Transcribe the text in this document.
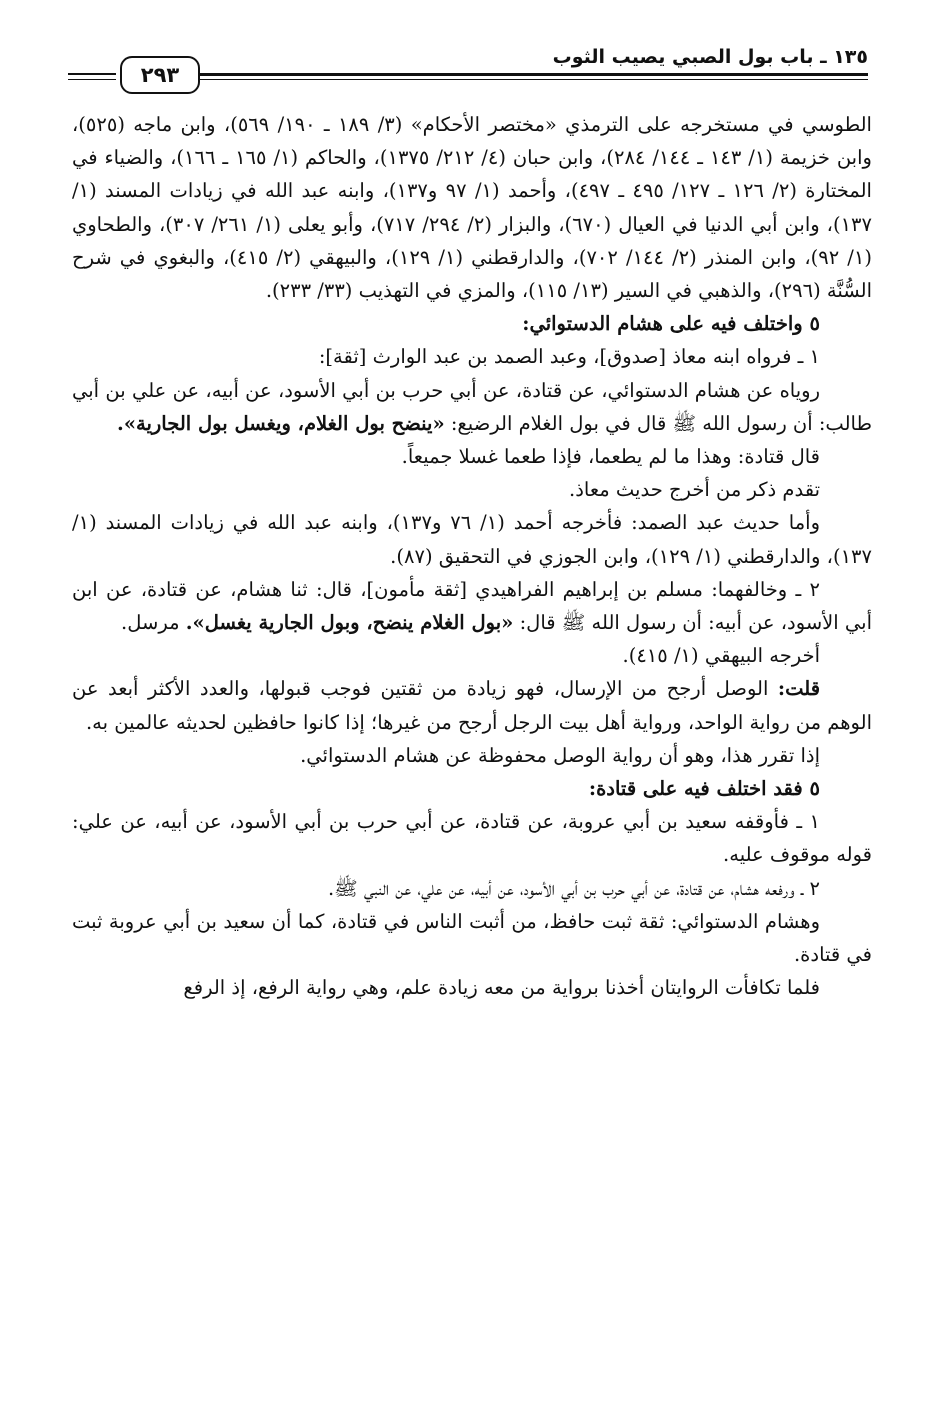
١٣٥ ـ باب بول الصبي يصيب الثوب
٢٩٣

الطوسي في مستخرجه على الترمذي «مختصر الأحكام» (٣/ ١٨٩ ـ ١٩٠/ ٥٦٩)، وابن ماجه (٥٢٥)، وابن خزيمة (١/ ١٤٣ ـ ١٤٤/ ٢٨٤)، وابن حبان (٤/ ٢١٢/ ١٣٧٥)، والحاكم (١/ ١٦٥ ـ ١٦٦)، والضياء في المختارة (٢/ ١٢٦ ـ ١٢٧/ ٤٩٥ ـ ٤٩٧)، وأحمد (١/ ٩٧ و١٣٧)، وابنه عبد الله في زيادات المسند (١/ ١٣٧)، وابن أبي الدنيا في العيال (٦٧٠)، والبزار (٢/ ٢٩٤/ ٧١٧)، وأبو يعلى (١/ ٢٦١/ ٣٠٧)، والطحاوي (١/ ٩٢)، وابن المنذر (٢/ ١٤٤/ ٧٠٢)، والدارقطني (١/ ١٢٩)، والبيهقي (٢/ ٤١٥)، والبغوي في شرح السُّنَّة (٢٩٦)، والذهبي في السير (١٣/ ١١٥)، والمزي في التهذيب (٣٣/ ٢٣٣).

٥ واختلف فيه على هشام الدستوائي:

١ ـ فرواه ابنه معاذ [صدوق]، وعبد الصمد بن عبد الوارث [ثقة]:

روياه عن هشام الدستوائي، عن قتادة، عن أبي حرب بن أبي الأسود، عن أبيه، عن علي بن أبي طالب: أن رسول الله ﷺ قال في بول الغلام الرضيع: «ينضح بول الغلام، ويغسل بول الجارية».

قال قتادة: وهذا ما لم يطعما، فإذا طعما غسلا جميعاً.

تقدم ذكر من أخرج حديث معاذ.

وأما حديث عبد الصمد: فأخرجه أحمد (١/ ٧٦ و١٣٧)، وابنه عبد الله في زيادات المسند (١/ ١٣٧)، والدارقطني (١/ ١٢٩)، وابن الجوزي في التحقيق (٨٧).

٢ ـ وخالفهما: مسلم بن إبراهيم الفراهيدي [ثقة مأمون]، قال: ثنا هشام، عن قتادة، عن ابن أبي الأسود، عن أبيه: أن رسول الله ﷺ قال: «بول الغلام ينضح، وبول الجارية يغسل». مرسل.

أخرجه البيهقي (١/ ٤١٥).

قلت: الوصل أرجح من الإرسال، فهو زيادة من ثقتين فوجب قبولها، والعدد الأكثر أبعد عن الوهم من رواية الواحد، ورواية أهل بيت الرجل أرجح من غيرها؛ إذا كانوا حافظين لحديثه عالمين به.

إذا تقرر هذا، وهو أن رواية الوصل محفوظة عن هشام الدستوائي.

٥ فقد اختلف فيه على قتادة:

١ ـ فأوقفه سعيد بن أبي عروبة، عن قتادة، عن أبي حرب بن أبي الأسود، عن أبيه، عن علي: قوله موقوف عليه.

٢ ـ ورفعه هشام، عن قتادة، عن أبي حرب بن أبي الأسود، عن أبيه، عن علي، عن النبي ﷺ.

وهشام الدستوائي: ثقة ثبت حافظ، من أثبت الناس في قتادة، كما أن سعيد بن أبي عروبة ثبت في قتادة.

فلما تكافأت الروايتان أخذنا برواية من معه زيادة علم، وهي رواية الرفع، إذ الرفع
